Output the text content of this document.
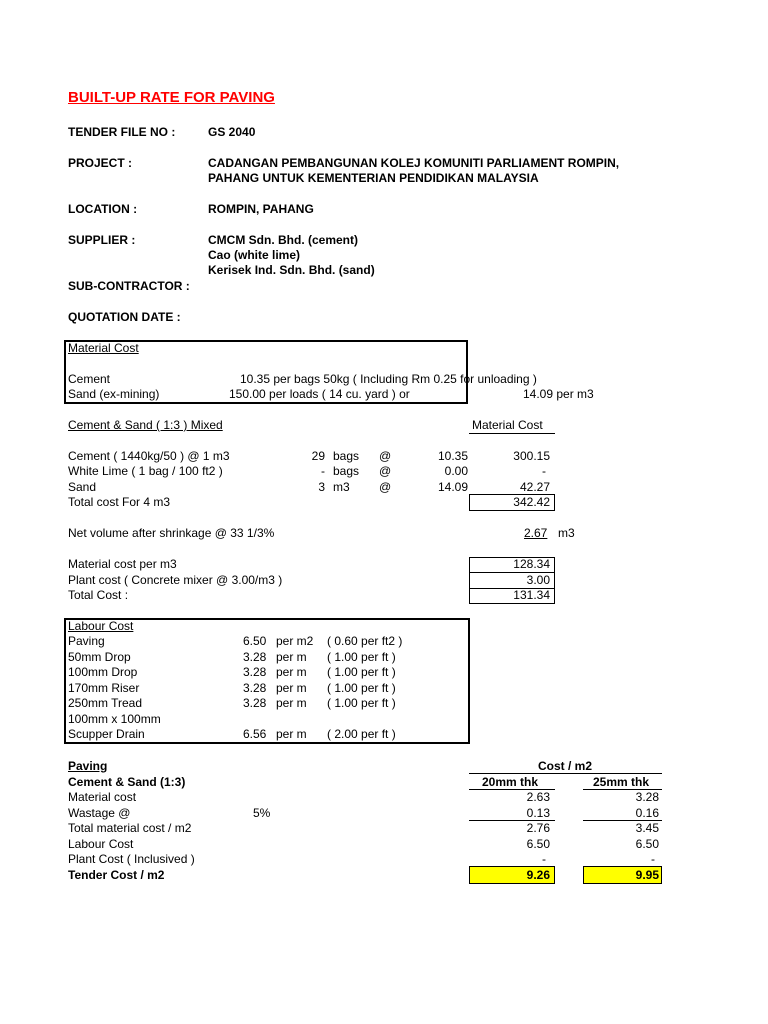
BUILT-UP RATE FOR PAVING
TENDER FILE NO :	GS 2040
PROJECT :	CADANGAN PEMBANGUNAN KOLEJ KOMUNITI PARLIAMENT ROMPIN,
PAHANG UNTUK KEMENTERIAN PENDIDIKAN MALAYSIA
LOCATION :	ROMPIN, PAHANG
SUPPLIER :	CMCM Sdn. Bhd. (cement)
Cao (white lime)
Kerisek Ind. Sdn. Bhd. (sand)
SUB-CONTRACTOR :
QUOTATION DATE :
Material Cost
Cement	10.35 per bags 50kg ( Including Rm 0.25 for unloading )
Sand (ex-mining)	150.00 per loads ( 14 cu. yard ) or	14.09 per m3
Cement & Sand ( 1:3 ) Mixed	Material Cost
Cement ( 1440kg/50 ) @ 1 m3	29 bags @	10.35	300.15
White Lime ( 1 bag / 100 ft2 )	- bags @	0.00	-
Sand	3 m3 @	14.09	42.27
Total cost For 4 m3	342.42
Net volume after shrinkage @ 33 1/3%	2.67 m3
Material cost per m3	128.34
Plant cost ( Concrete mixer @ 3.00/m3 )	3.00
Total Cost :	131.34
Labour Cost
Paving	6.50 per m2 ( 0.60 per ft2 )
50mm Drop	3.28 per m ( 1.00 per ft )
100mm Drop	3.28 per m ( 1.00 per ft )
170mm Riser	3.28 per m ( 1.00 per ft )
250mm Tread	3.28 per m ( 1.00 per ft )
100mm x 100mm
Scupper Drain	6.56 per m ( 2.00 per ft )
Paving	Cost / m2
Cement & Sand (1:3)	20mm thk	25mm thk
Material cost	2.63	3.28
Wastage @	5%	0.13	0.16
Total material cost / m2	2.76	3.45
Labour Cost	6.50	6.50
Plant Cost ( Inclusived )	-	-
Tender Cost / m2	9.26	9.95
